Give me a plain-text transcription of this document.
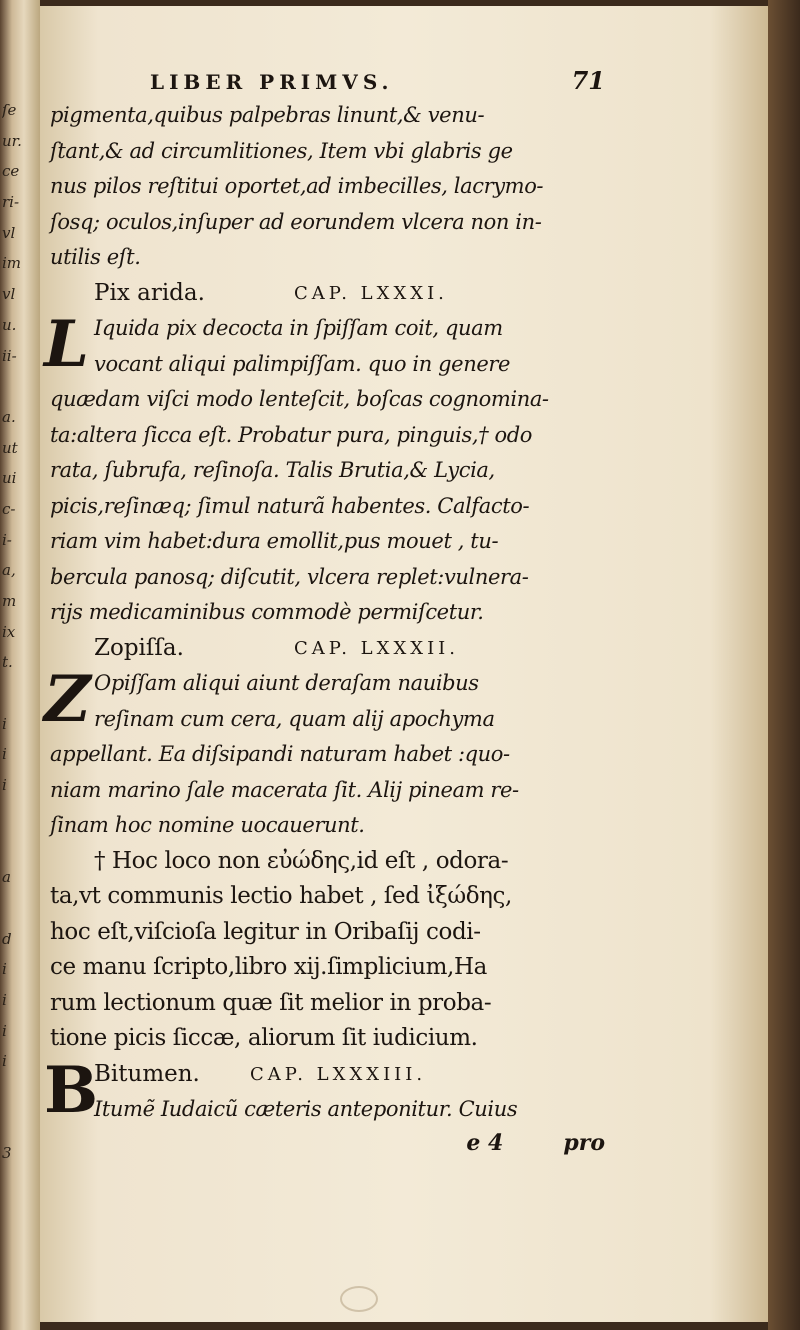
ſe
ur.
ce
ri-
vl
im
vl
u.
ii-
a.
ut
ui
c-
i-
a,
m
ix
t.
i
i
i
a
d
i
i
i
i
3
LIBER PRIMVS.	71
pigmenta,quibus palpebras linunt,& venu-
ſtant,& ad circumlitiones, Item vbi glabris ge
nus pilos reſtitui oportet,ad imbecilles, lacrymo-
ſosq; oculos,inſuper ad eorundem vlcera non in-
utilis eſt.
Pix arida.	CAP. LXXXI.
L Iquida pix decocta in ſpiſſam coit, quam
vocant aliqui palimpiſſam. quo in genere
quædam viſci modo lenteſcit, boſcas cognomina-
ta:altera ſicca eſt. Probatur pura, pinguis,† odo
rata, ſubrufa, reſinoſa. Talis Brutia,& Lycia,
picis,reſinæq; ſimul naturã habentes. Calfacto-
riam vim habet:dura emollit,pus mouet , tu-
bercula panosq; diſcutit, vlcera replet:vulnera-
rijs medicaminibus commodè permiſcetur.
Zopiſſa.	CAP. LXXXII.
Z Opiſſam aliqui aiunt deraſam nauibus
reſinam cum cera, quam alij apochyma
appellant. Ea diſsipandi naturam habet :quo-
niam marino ſale macerata ſit. Alij pineam re-
ſinam hoc nomine uocauerunt.
† Hoc loco non εὐώδης,id eſt , odora-
ta,vt communis lectio habet , ſed ἰξώδης,
hoc eſt,viſcioſa legitur in Oribaſij codi-
ce manu ſcripto,libro xij.ſimplicium,Ha
rum lectionum quæ ſit melior in proba-
tione picis ſiccæ, aliorum ſit iudicium.
B
Bitumen.	CAP. LXXXIII.
Itumẽ Iudaicũ cæteris anteponitur. Cuius
e 4	pro
